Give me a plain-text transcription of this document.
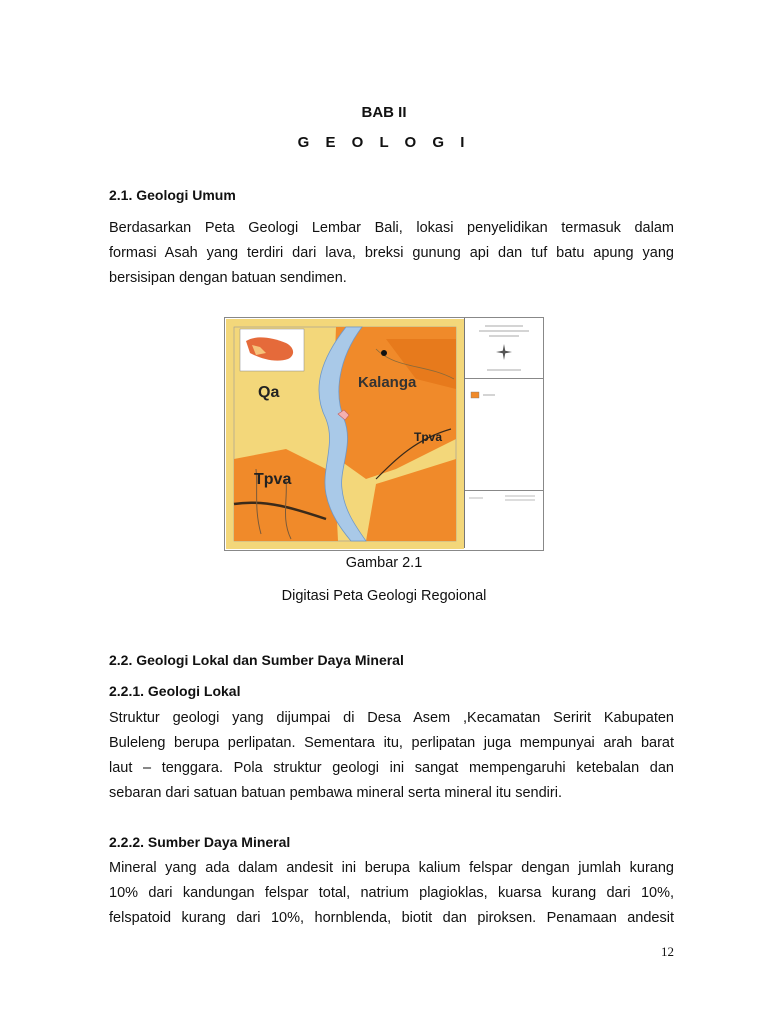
BAB II
G E O L O G I
2.1. Geologi Umum
Berdasarkan Peta Geologi Lembar Bali, lokasi penyelidikan termasuk dalam
formasi Asah yang terdiri dari lava, breksi gunung api dan tuf batu apung yang
bersisipan dengan batuan sendimen.
Qa
Kalanga
Tpva
Tpva
Gambar 2.1
Digitasi Peta Geologi Regoional
2.2. Geologi Lokal dan Sumber Daya Mineral
2.2.1. Geologi Lokal
Struktur geologi yang dijumpai di Desa Asem ,Kecamatan Seririt Kabupaten
Buleleng berupa perlipatan. Sementara itu, perlipatan juga mempunyai arah barat
laut – tenggara. Pola struktur geologi ini sangat mempengaruhi ketebalan dan
sebaran dari satuan batuan pembawa mineral serta mineral itu sendiri.
2.2.2. Sumber Daya Mineral
Mineral yang ada dalam andesit ini berupa kalium felspar dengan jumlah kurang
10% dari kandungan felspar total, natrium plagioklas, kuarsa kurang dari 10%,
felspatoid kurang dari 10%, hornblenda, biotit dan piroksen. Penamaan andesit
12
